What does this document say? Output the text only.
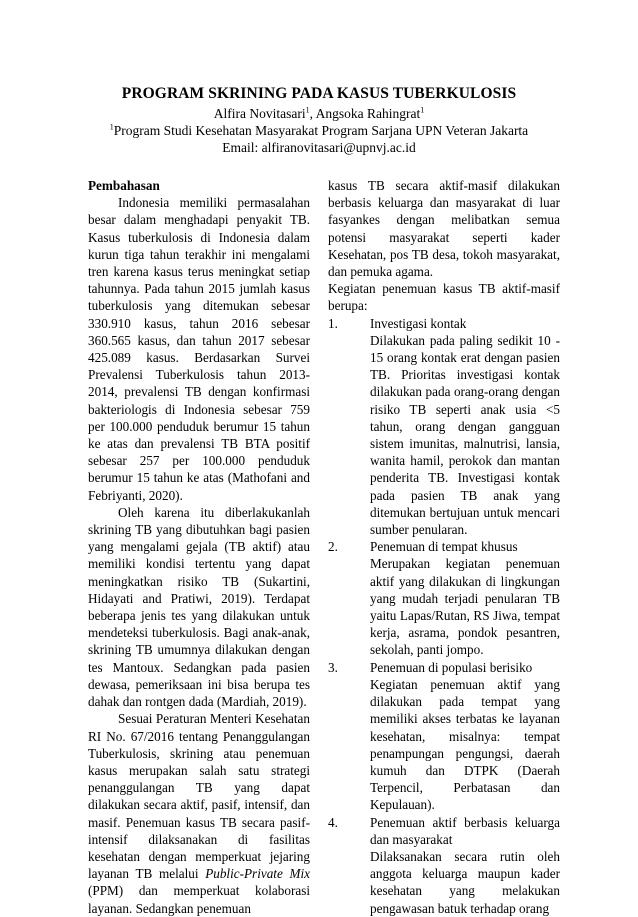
PROGRAM SKRINING PADA KASUS TUBERKULOSIS
Alfira Novitasari$^1$, Angsoka Rahingrat$^1$
$^1$Program Studi Kesehatan Masyarakat Program Sarjana UPN Veteran Jakarta
Email: alfiranovitasari@upnvj.ac.id

Pembahasan

Indonesia memiliki permasalahan besar dalam menghadapi penyakit TB. Kasus tuberkulosis di Indonesia dalam kurun tiga tahun terakhir ini mengalami tren karena kasus terus meningkat setiap tahunnya. Pada tahun 2015 jumlah kasus tuberkulosis yang ditemukan sebesar 330.910 kasus, tahun 2016 sebesar 360.565 kasus, dan tahun 2017 sebesar 425.089 kasus. Berdasarkan Survei Prevalensi Tuberkulosis tahun 2013-2014, prevalensi TB dengan konfirmasi bakteriologis di Indonesia sebesar 759 per 100.000 penduduk berumur 15 tahun ke atas dan prevalensi TB BTA positif sebesar 257 per 100.000 penduduk berumur 15 tahun ke atas (Mathofani and Febriyanti, 2020).

Oleh karena itu diberlakukanlah skrining TB yang dibutuhkan bagi pasien yang mengalami gejala (TB aktif) atau memiliki kondisi tertentu yang dapat meningkatkan risiko TB (Sukartini, Hidayati and Pratiwi, 2019). Terdapat beberapa jenis tes yang dilakukan untuk mendeteksi tuberkulosis. Bagi anak-anak, skrining TB umumnya dilakukan dengan tes Mantoux. Sedangkan pada pasien dewasa, pemeriksaan ini bisa berupa tes dahak dan rontgen dada (Mardiah, 2019).

Sesuai Peraturan Menteri Kesehatan RI No. 67/2016 tentang Penanggulangan Tuberkulosis, skrining atau penemuan kasus merupakan salah satu strategi penanggulangan TB yang dapat dilakukan secara aktif, pasif, intensif, dan masif. Penemuan kasus TB secara pasif-intensif dilaksanakan di fasilitas kesehatan dengan memperkuat jejaring layanan TB melalui Public-Private Mix (PPM) dan memperkuat kolaborasi layanan. Sedangkan penemuan

kasus TB secara aktif-masif dilakukan berbasis keluarga dan masyarakat di luar fasyankes dengan melibatkan semua potensi masyarakat seperti kader Kesehatan, pos TB desa, tokoh masyarakat, dan pemuka agama.

Kegiatan penemuan kasus TB aktif-masif berupa:

1.	Investigasi kontak
Dilakukan pada paling sedikit 10 - 15 orang kontak erat dengan pasien TB. Prioritas investigasi kontak dilakukan pada orang-orang dengan risiko TB seperti anak usia <5 tahun, orang dengan gangguan sistem imunitas, malnutrisi, lansia, wanita hamil, perokok dan mantan penderita TB. Investigasi kontak pada pasien TB anak yang ditemukan bertujuan untuk mencari sumber penularan.
2.	Penemuan di tempat khusus
Merupakan kegiatan penemuan aktif yang dilakukan di lingkungan yang mudah terjadi penularan TB yaitu Lapas/Rutan, RS Jiwa, tempat kerja, asrama, pondok pesantren, sekolah, panti jompo.
3.	Penemuan di populasi berisiko
Kegiatan penemuan aktif yang dilakukan pada tempat yang memiliki akses terbatas ke layanan kesehatan, misalnya: tempat penampungan pengungsi, daerah kumuh dan DTPK (Daerah Terpencil, Perbatasan dan Kepulauan).
4.	Penemuan aktif berbasis keluarga dan masyarakat
Dilaksanakan secara rutin oleh anggota keluarga maupun kader kesehatan yang melakukan pengawasan batuk terhadap orang
